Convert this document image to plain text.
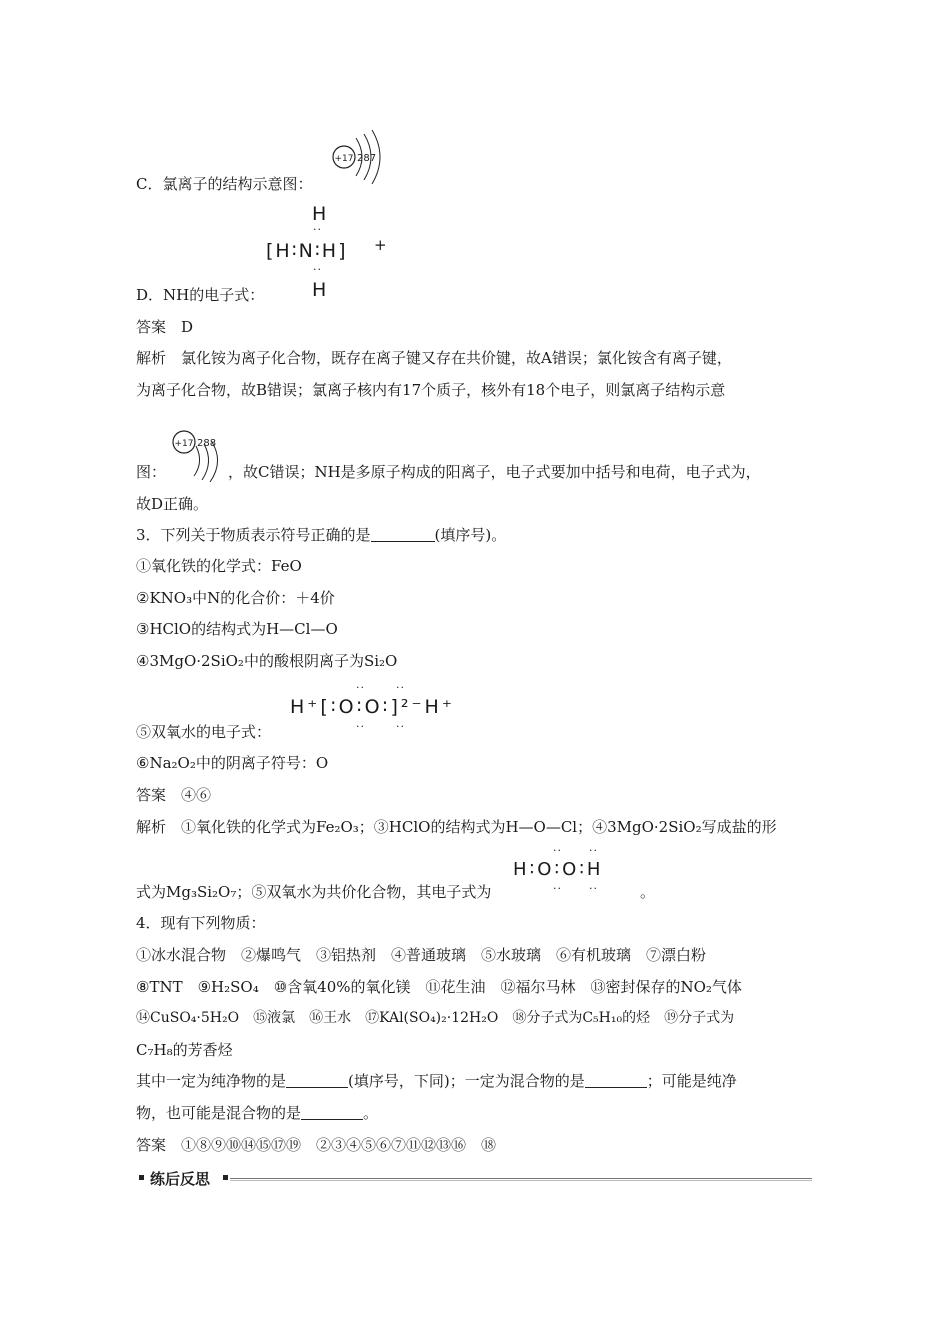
+17 287
C．氯离子的结构示意图：
H
··
[H∶N∶H] +
··
H
D．NH的电子式：
答案　D
解析　氯化铵为离子化合物，既存在离子键又存在共价键，故A错误；氯化铵含有离子键，
为离子化合物，故B错误；氯离子核内有17个质子，核外有18个电子，则氯离子结构示意
+17 288
图：	，故C错误；NH是多原子构成的阳离子，电子式要加中括号和电荷，电子式为，
故D正确。
3．下列关于物质表示符号正确的是	(填序号)。
①氧化铁的化学式：FeO
②KNO₃中N的化合价：＋4价
③HClO的结构式为H—Cl—O
④3MgO·2SiO₂中的酸根阴离子为Si₂O
··	··
H⁺[∶O∶O∶]²⁻H⁺
··	··
⑤双氧水的电子式：
⑥Na₂O₂中的阴离子符号：O
答案　④⑥
解析　①氧化铁的化学式为Fe₂O₃；③HClO的结构式为H—O—Cl；④3MgO·2SiO₂写成盐的形
·· ··
H∶O∶O∶H
·· ··
式为Mg₃Si₂O₇；⑤双氧水为共价化合物，其电子式为	。
4．现有下列物质：
①冰水混合物　②爆鸣气　③铝热剂　④普通玻璃　⑤水玻璃　⑥有机玻璃　⑦漂白粉
⑧TNT　⑨H₂SO₄　⑩含氧40%的氧化镁　⑪花生油　⑫福尔马林　⑬密封保存的NO₂气体
⑭CuSO₄·5H₂O　⑮液氯　⑯王水　⑰KAl(SO₄)₂·12H₂O　⑱分子式为C₅H₁₀的烃　⑲分子式为
C₇H₈的芳香烃
其中一定为纯净物的是	(填序号，下同)；一定为混合物的是	；可能是纯净
物，也可能是混合物的是	。
答案　①⑧⑨⑩⑭⑮⑰⑲　②③④⑤⑥⑦⑪⑫⑬⑯　⑱
练后反思
